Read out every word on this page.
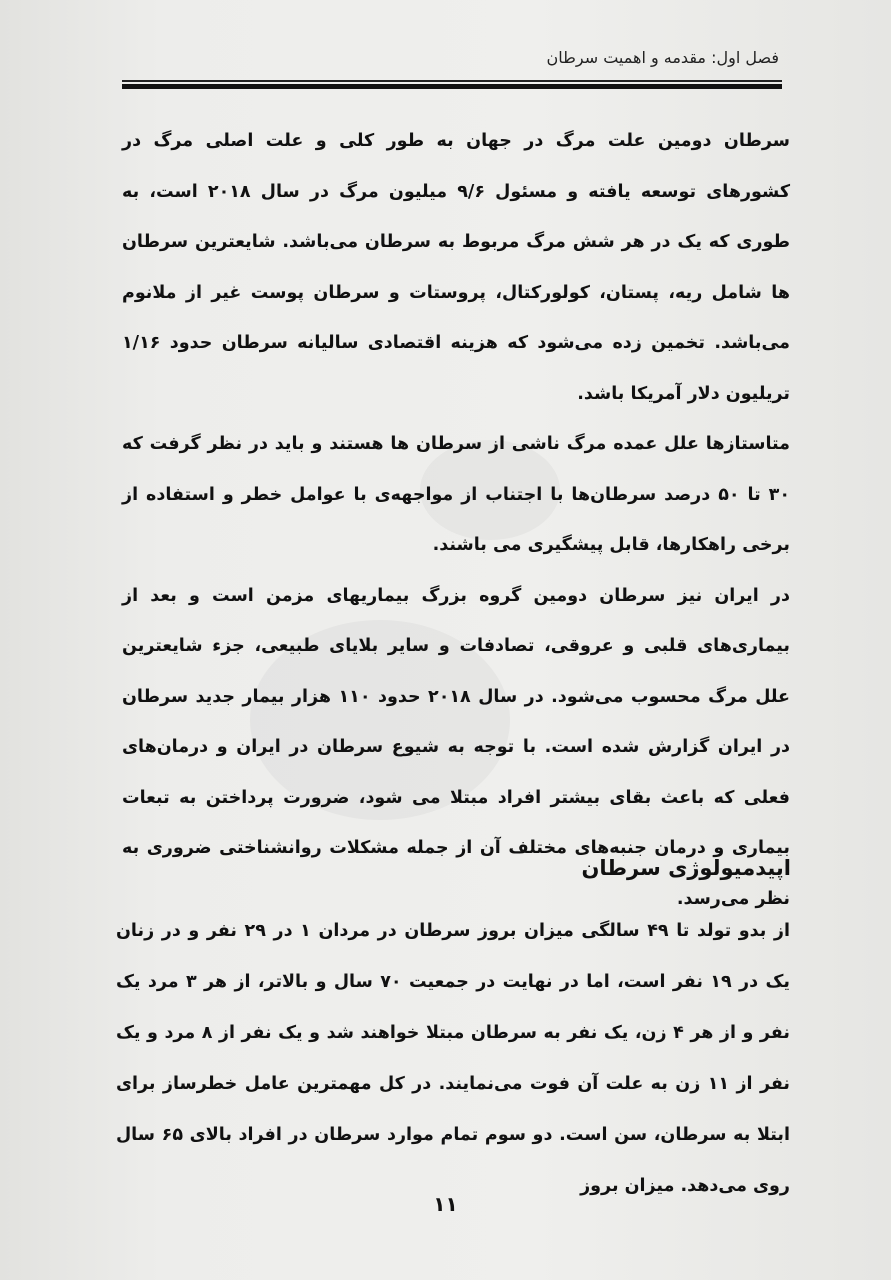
فصل اول: مقدمه و اهمیت سرطان

سرطان دومین علت مرگ در جهان به طور کلی و علت اصلی مرگ در کشورهای توسعه یافته و مسئول ۹/۶ میلیون مرگ در سال ۲۰۱۸ است، به طوری که یک در هر شش مرگ مربوط به سرطان می‌باشد. شایعترین سرطان ها شامل ریه، پستان، کولورکتال، پروستات و سرطان پوست غیر از ملانوم می‌باشد. تخمین زده می‌شود که هزینه اقتصادی سالیانه سرطان حدود ۱/۱۶ تریلیون دلار آمریکا باشد.

متاستازها علل عمده مرگ ناشی از سرطان ها هستند و باید در نظر گرفت که ۳۰ تا ۵۰ درصد سرطان‌ها با اجتناب از مواجهه‌ی با عوامل خطر و استفاده از برخی راهکارها، قابل پیشگیری می باشند.

در ایران نیز سرطان دومین گروه بزرگ بیماریهای مزمن است و بعد از بیماری‌های قلبی و عروقی، تصادفات و سایر بلایای طبیعی، جزء شایعترین علل مرگ محسوب می‌شود. در سال ۲۰۱۸ حدود ۱۱۰ هزار بیمار جدید سرطان در ایران گزارش شده است. با توجه به شیوع سرطان در ایران و درمان‌های فعلی که باعث بقای بیشتر افراد مبتلا می شود، ضرورت پرداختن به تبعات بیماری و درمان جنبه‌های مختلف آن از جمله مشکلات روانشناختی ضروری به نظر می‌رسد.

اپیدمیولوژی سرطان

از بدو تولد تا ۴۹ سالگی میزان بروز سرطان در مردان ۱ در ۲۹ نفر و در زنان یک در ۱۹ نفر است، اما در نهایت در جمعیت ۷۰ سال و بالاتر، از هر ۳ مرد یک نفر و از هر ۴ زن، یک نفر به سرطان مبتلا خواهند شد و یک نفر از ۸ مرد و یک نفر از ۱۱ زن به علت آن فوت می‌نمایند. در کل مهمترین عامل خطرساز برای ابتلا به سرطان، سن است. دو سوم تمام موارد سرطان در افراد بالای ۶۵ سال روی می‌دهد. میزان بروز

۱۱
